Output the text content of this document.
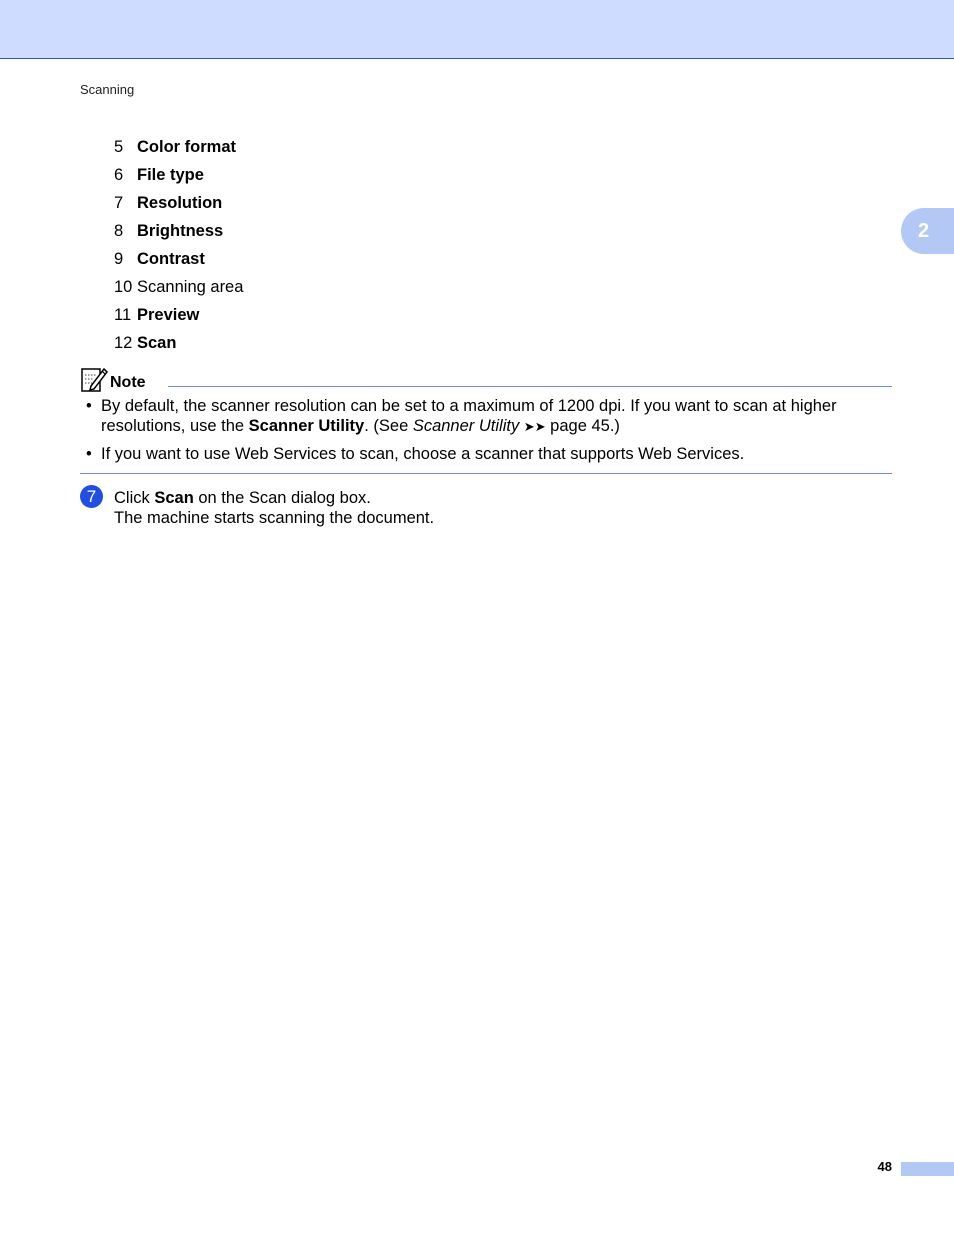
Scanning
2
5 Color format
6 File type
7 Resolution
8 Brightness
9 Contrast
10 Scanning area
11 Preview
12 Scan
Note
• By default, the scanner resolution can be set to a maximum of 1200 dpi. If you want to scan at higher resolutions, use the Scanner Utility. (See Scanner Utility ➤➤ page 45.)
• If you want to use Web Services to scan, choose a scanner that supports Web Services.
7	Click Scan on the Scan dialog box.
The machine starts scanning the document.
48
